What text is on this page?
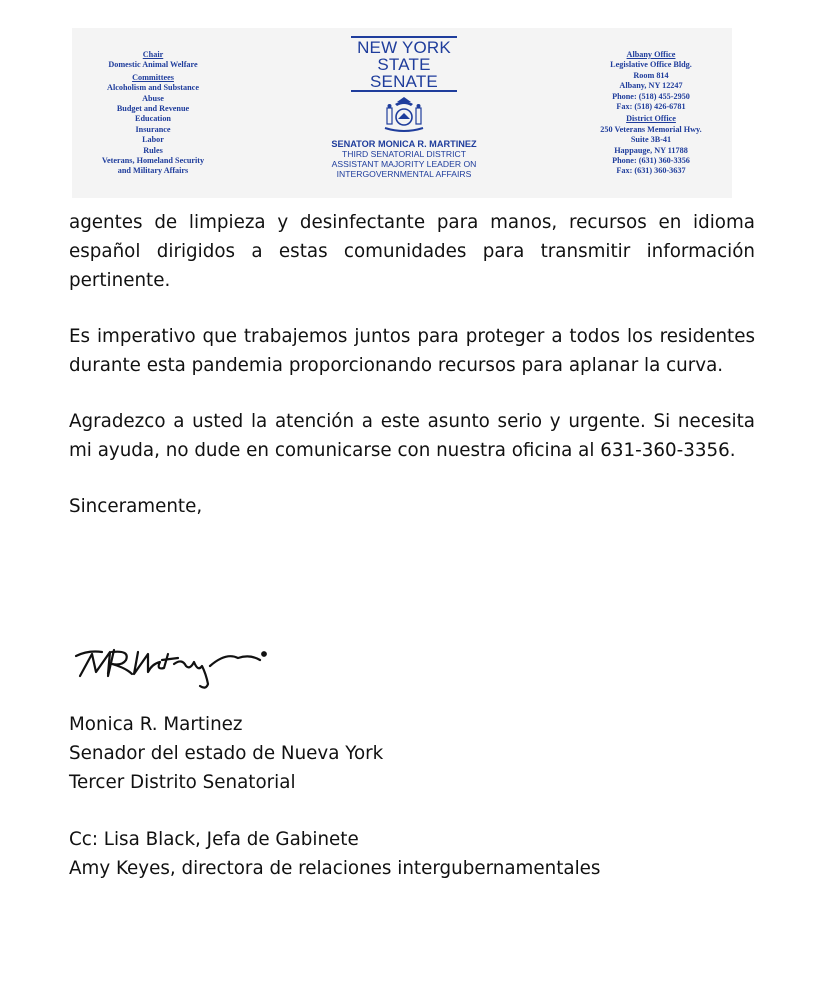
Chair
Domestic Animal Welfare
Committees
Alcoholism and Substance
Abuse
Budget and Revenue
Education
Insurance
Labor
Rules
Veterans, Homeland Security
and Military Affairs
NEW YORK
STATE
SENATE
SENATOR MONICA R. MARTINEZ
THIRD SENATORIAL DISTRICT
ASSISTANT MAJORITY LEADER ON
INTERGOVERNMENTAL AFFAIRS
Albany Office
Legislative Office Bldg.
Room 814
Albany, NY 12247
Phone: (518) 455-2950
Fax: (518) 426-6781
District Office
250 Veterans Memorial Hwy.
Suite 3B-41
Happauge, NY 11788
Phone: (631) 360-3356
Fax: (631) 360-3637

agentes de limpieza y desinfectante para manos, recursos en idioma español dirigidos a estas comunidades para transmitir información pertinente.

Es imperativo que trabajemos juntos para proteger a todos los residentes durante esta pandemia proporcionando recursos para aplanar la curva.

Agradezco a usted la atención a este asunto serio y urgente. Si necesita mi ayuda, no dude en comunicarse con nuestra oficina al 631-360-3356.

Sinceramente,

Monica R. Martinez
Senador del estado de Nueva York
Tercer Distrito Senatorial
Cc: Lisa Black, Jefa de Gabinete
Amy Keyes, directora de relaciones intergubernamentales
